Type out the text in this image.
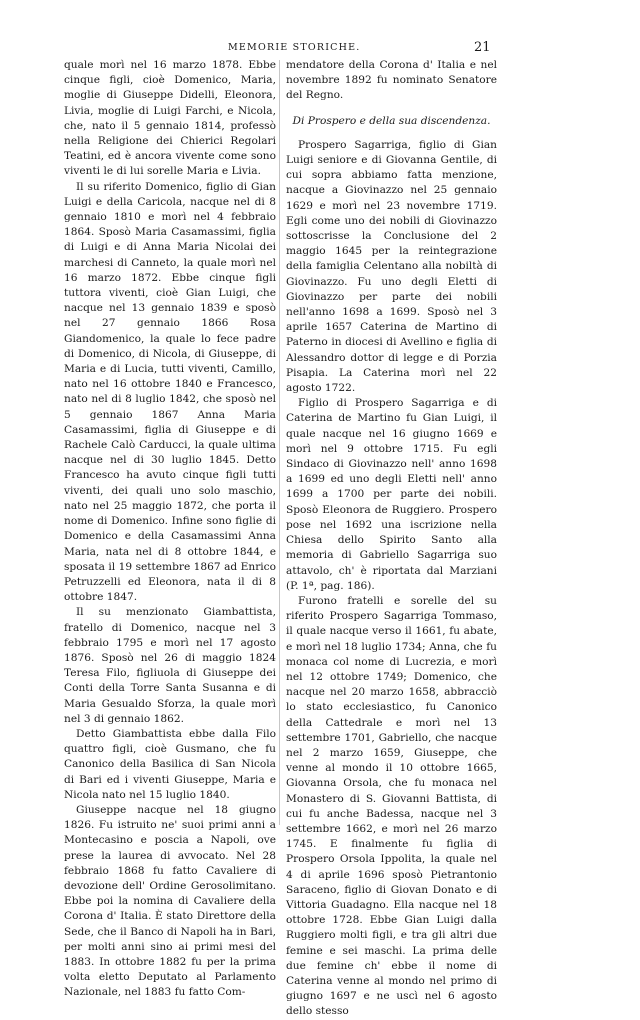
MEMORIE STORICHE.	21

quale morì nel 16 marzo 1878. Ebbe cinque figli, cioè Domenico, Maria, moglie di Giuseppe Didelli, Eleonora, Livia, moglie di Luigi Farchi, e Nicola, che, nato il 5 gennaio 1814, professò nella Religione dei Chierici Regolari Teatini, ed è ancora vivente come sono viventi le di lui sorelle Maria e Livia.

Il su riferito Domenico, figlio di Gian Luigi e della Caricola, nacque nel di 8 gennaio 1810 e morì nel 4 febbraio 1864. Sposò Maria Casamassimi, figlia di Luigi e di Anna Maria Nicolai dei marchesi di Canneto, la quale morì nel 16 marzo 1872. Ebbe cinque figli tuttora viventi, cioè Gian Luigi, che nacque nel 13 gennaio 1839 e sposò nel 27 gennaio 1866 Rosa Giandomenico, la quale lo fece padre di Domenico, di Nicola, di Giuseppe, di Maria e di Lucia, tutti viventi, Camillo, nato nel 16 ottobre 1840 e Francesco, nato nel di 8 luglio 1842, che sposò nel 5 gennaio 1867 Anna Maria Casamassimi, figlia di Giuseppe e di Rachele Calò Carducci, la quale ultima nacque nel di 30 luglio 1845. Detto Francesco ha avuto cinque figli tutti viventi, dei quali uno solo maschio, nato nel 25 maggio 1872, che porta il nome di Domenico. Infine sono figlie di Domenico e della Casamassimi Anna Maria, nata nel di 8 ottobre 1844, e sposata il 19 settembre 1867 ad Enrico Petruzzelli ed Eleonora, nata il di 8 ottobre 1847.

Il su menzionato Giambattista, fratello di Domenico, nacque nel 3 febbraio 1795 e morì nel 17 agosto 1876. Sposò nel 26 di maggio 1824 Teresa Filo, figliuola di Giuseppe dei Conti della Torre Santa Susanna e di Maria Gesualdo Sforza, la quale morì nel 3 di gennaio 1862.

Detto Giambattista ebbe dalla Filo quattro figli, cioè Gusmano, che fu Canonico della Basilica di San Nicola di Bari ed i viventi Giuseppe, Maria e Nicola nato nel 15 luglio 1840.

Giuseppe nacque nel 18 giugno 1826. Fu istruito ne' suoi primi anni a Montecasino e poscia a Napoli, ove prese la laurea di avvocato. Nel 28 febbraio 1868 fu fatto Cavaliere di devozione dell' Ordine Gerosolimitano. Ebbe poi la nomina di Cavaliere della Corona d' Italia. È stato Direttore della Sede, che il Banco di Napoli ha in Bari, per molti anni sino ai primi mesi del 1883. In ottobre 1882 fu per la prima volta eletto Deputato al Parlamento Nazionale, nel 1883 fu fatto Com-

mendatore della Corona d' Italia e nel novembre 1892 fu nominato Senatore del Regno.

Di Prospero e della sua discendenza.

Prospero Sagarriga, figlio di Gian Luigi seniore e di Giovanna Gentile, di cui sopra abbiamo fatta menzione, nacque a Giovinazzo nel 25 gennaio 1629 e morì nel 23 novembre 1719. Egli come uno dei nobili di Giovinazzo sottoscrisse la Conclusione del 2 maggio 1645 per la reintegrazione della famiglia Celentano alla nobiltà di Giovinazzo. Fu uno degli Eletti di Giovinazzo per parte dei nobili nell'anno 1698 a 1699. Sposò nel 3 aprile 1657 Caterina de Martino di Paterno in diocesi di Avellino e figlia di Alessandro dottor di legge e di Porzia Pisapia. La Caterina morì nel 22 agosto 1722.

Figlio di Prospero Sagarriga e di Caterina de Martino fu Gian Luigi, il quale nacque nel 16 giugno 1669 e morì nel 9 ottobre 1715. Fu egli Sindaco di Giovinazzo nell' anno 1698 a 1699 ed uno degli Eletti nell' anno 1699 a 1700 per parte dei nobili. Sposò Eleonora de Ruggiero. Prospero pose nel 1692 una iscrizione nella Chiesa dello Spirito Santo alla memoria di Gabriello Sagarriga suo attavolo, ch' è riportata dal Marziani (P. 1ª, pag. 186).

Furono fratelli e sorelle del su riferito Prospero Sagarriga Tommaso, il quale nacque verso il 1661, fu abate, e morì nel 18 luglio 1734; Anna, che fu monaca col nome di Lucrezia, e morì nel 12 ottobre 1749; Domenico, che nacque nel 20 marzo 1658, abbracciò lo stato ecclesiastico, fu Canonico della Cattedrale e morì nel 13 settembre 1701, Gabriello, che nacque nel 2 marzo 1659, Giuseppe, che venne al mondo il 10 ottobre 1665, Giovanna Orsola, che fu monaca nel Monastero di S. Giovanni Battista, di cui fu anche Badessa, nacque nel 3 settembre 1662, e morì nel 26 marzo 1745. E finalmente fu figlia di Prospero Orsola Ippolita, la quale nel 4 di aprile 1696 sposò Pietrantonio Saraceno, figlio di Giovan Donato e di Vittoria Guadagno. Ella nacque nel 18 ottobre 1728. Ebbe Gian Luigi dalla Ruggiero molti figli, e tra gli altri due femine e sei maschi. La prima delle due femine ch' ebbe il nome di Caterina venne al mondo nel primo di giugno 1697 e ne uscì nel 6 agosto dello stesso
